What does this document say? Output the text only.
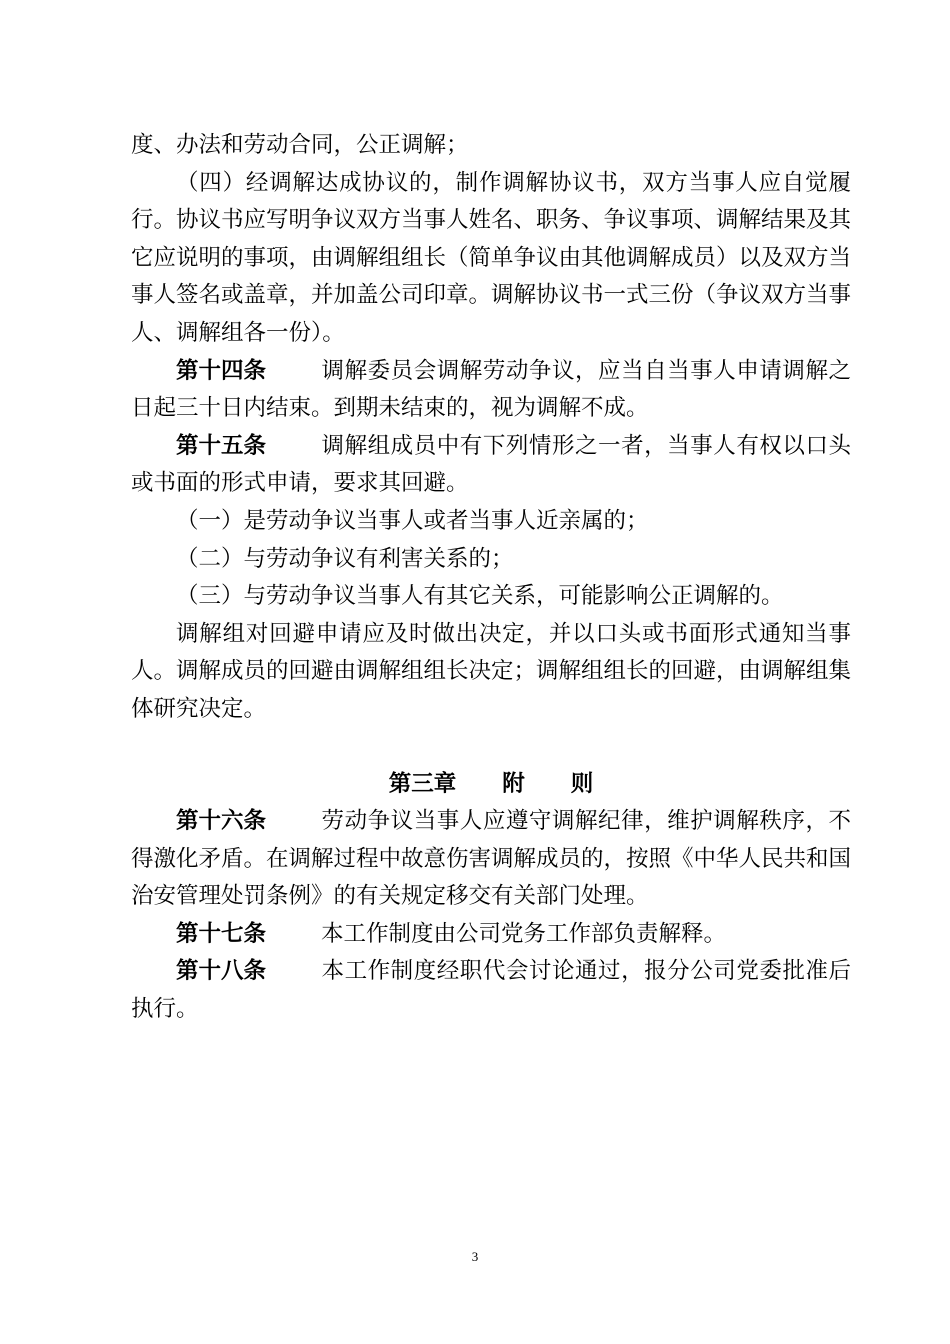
度、办法和劳动合同，公正调解；

（四）经调解达成协议的，制作调解协议书，双方当事人应自觉履行。协议书应写明争议双方当事人姓名、职务、争议事项、调解结果及其它应说明的事项，由调解组组长（简单争议由其他调解成员）以及双方当事人签名或盖章，并加盖公司印章。调解协议书一式三份（争议双方当事人、调解组各一份）。

第十四条 调解委员会调解劳动争议，应当自当事人申请调解之日起三十日内结束。到期未结束的，视为调解不成。

第十五条 调解组成员中有下列情形之一者，当事人有权以口头或书面的形式申请，要求其回避。

（一）是劳动争议当事人或者当事人近亲属的；

（二）与劳动争议有利害关系的；

（三）与劳动争议当事人有其它关系，可能影响公正调解的。

调解组对回避申请应及时做出决定，并以口头或书面形式通知当事人。调解成员的回避由调解组组长决定；调解组组长的回避，由调解组集体研究决定。

第三章 附 则

第十六条 劳动争议当事人应遵守调解纪律，维护调解秩序，不得激化矛盾。在调解过程中故意伤害调解成员的，按照《中华人民共和国治安管理处罚条例》的有关规定移交有关部门处理。

第十七条 本工作制度由公司党务工作部负责解释。

第十八条 本工作制度经职代会讨论通过，报分公司党委批准后执行。

3
